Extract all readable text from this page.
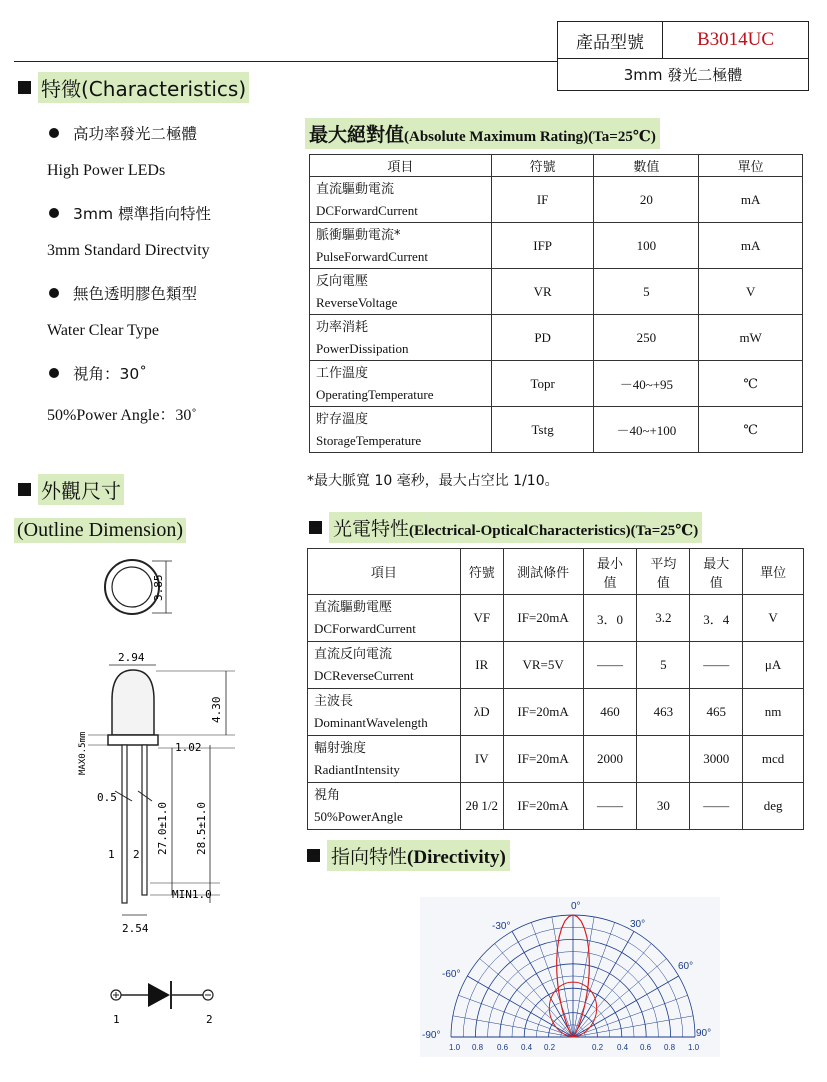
產品型號	B3014UC
3mm 發光二極體
特徵(Characteristics)
高功率發光二極體
High Power LEDs
3mm 標準指向特性
3mm Standard Directvity
無色透明膠色類型
Water Clear Type
視角：30˚
50%Power Angle：30˚
外觀尺寸
(Outline Dimension)
3.85
2.94
4.30
1.02
MAX0.5mm
0.5
27.0±1.0 28.5±1.0
1 2
MIN1.0
2.54
1	2
最大絕對值(Absolute Maximum Rating)(Ta=25℃)
項目	符號	數值	單位

直流驅動電流
DCForwardCurrent	IF	20	mA

脈衝驅動電流*
PulseForwardCurrent	IFP	100	mA

反向電壓
ReverseVoltage	VR	5	V

功率消耗
PowerDissipation	PD	250	mW

工作溫度
OperatingTemperature	Topr	－40~+95	℃

貯存溫度
StorageTemperature	Tstg	－40~+100	℃
*最大脈寬 10 毫秒，最大占空比 1/10。
光電特性(Electrical-OpticalCharacteristics)(Ta=25℃)
項目	符號	測試條件	最小值	平均值	最大值	單位

直流驅動電壓
DCForwardCurrent	VF	IF=20mA	3．0	3.2	3．4	V

直流反向電流
DCReverseCurrent	IR	VR=5V	——	5	——	μA

主波長
DominantWavelength	λD	IF=20mA	460	463	465	nm

輻射強度
RadiantIntensity	IV	IF=20mA	2000		3000	mcd

視角
50%PowerAngle	2θ 1/2	IF=20mA	——	30	——	deg
指向特性(Directivity)
0°
-30°	30°
-60°
60°
-90°	90°
1.0 0.8 0.6 0.4 0.2	0.2 0.4 0.6 0.8 1.0
